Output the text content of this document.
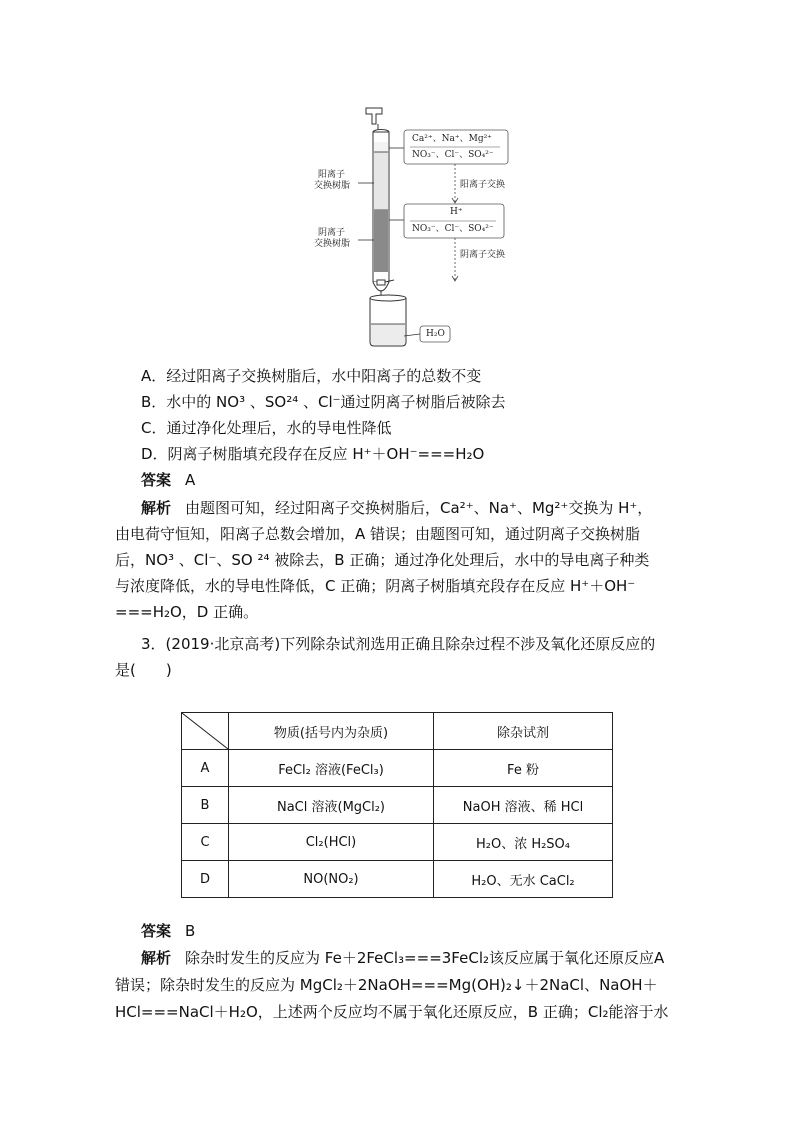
阳离子
交换树脂
阴离子
交换树脂
Ca²⁺、Na⁺、Mg²⁺
NO₃⁻、Cl⁻、SO₄²⁻
H⁺
NO₃⁻、Cl⁻、SO₄²⁻
阳离子交换
阴离子交换
H₂O
A．经过阳离子交换树脂后，水中阳离子的总数不变
B．水中的 NO³ 、SO²⁴ 、Cl⁻通过阴离子树脂后被除去
C．通过净化处理后，水的导电性降低
D．阴离子树脂填充段存在反应 H⁺＋OH⁻===H₂O
答案 A
解析 由题图可知，经过阳离子交换树脂后，Ca²⁺、Na⁺、Mg²⁺交换为 H⁺，
由电荷守恒知，阳离子总数会增加，A 错误；由题图可知，通过阴离子交换树脂
后，NO³ 、Cl⁻、SO ²⁴ 被除去，B 正确；通过净化处理后，水中的导电离子种类
与浓度降低，水的导电性降低，C 正确；阴离子树脂填充段存在反应 H⁺＋OH⁻
===H₂O，D 正确。
3．(2019·北京高考)下列除杂试剂选用正确且除杂过程不涉及氧化还原反应的
是(　　)
	物质(括号内为杂质)	除杂试剂
A	FeCl₂ 溶液(FeCl₃)	Fe 粉
B	NaCl 溶液(MgCl₂)	NaOH 溶液、稀 HCl
C	Cl₂(HCl)	H₂O、浓 H₂SO₄
D	NO(NO₂)	H₂O、无水 CaCl₂
答案 B
解析 除杂时发生的反应为 Fe＋2FeCl₃===3FeCl₂该反应属于氧化还原反应A
错误；除杂时发生的反应为 MgCl₂＋2NaOH===Mg(OH)₂↓＋2NaCl、NaOH＋
HCl===NaCl＋H₂O，上述两个反应均不属于氧化还原反应，B 正确；Cl₂能溶于水
